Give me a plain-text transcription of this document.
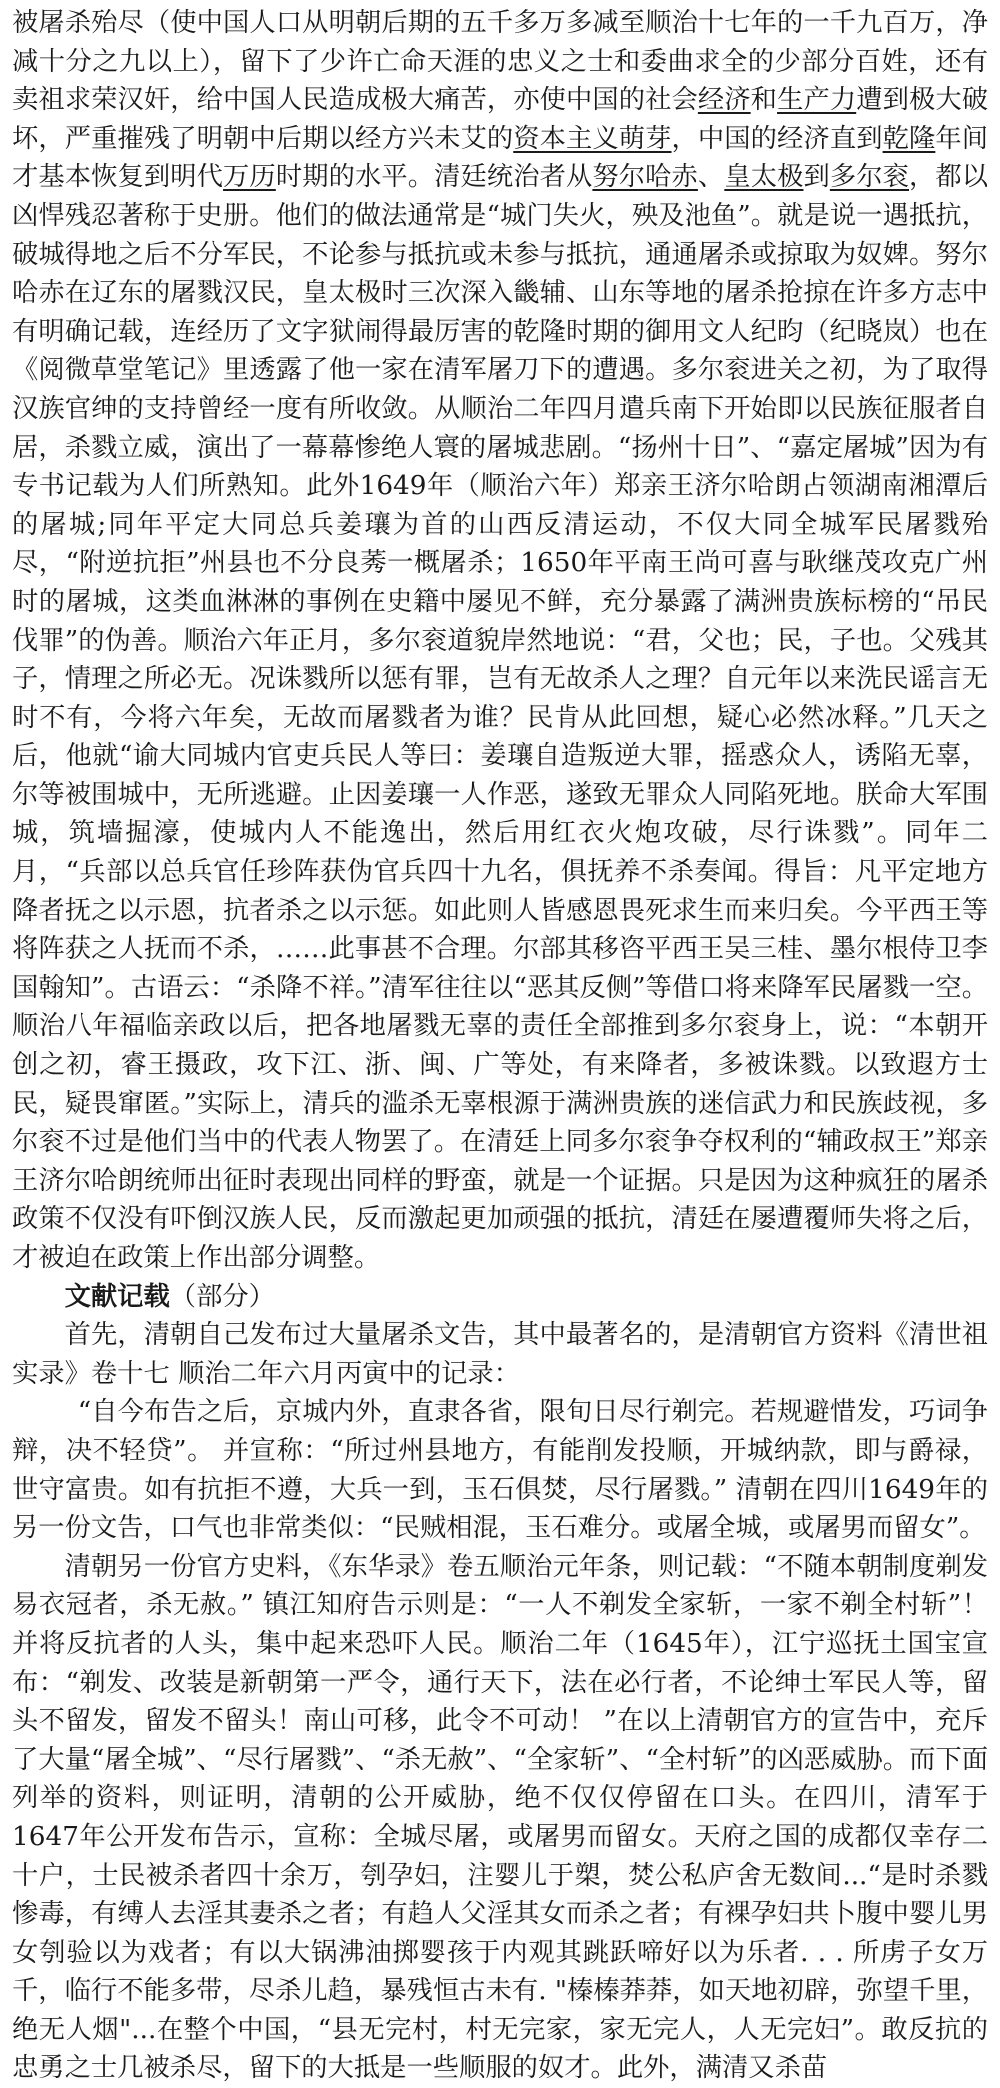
被屠杀殆尽（使中国人口从明朝后期的五千多万多减至顺治十七年的一千九百万，净减十分之九以上），留下了少许亡命天涯的忠义之士和委曲求全的少部分百姓，还有卖祖求荣汉奸，给中国人民造成极大痛苦，亦使中国的社会经济和生产力遭到极大破坏，严重摧残了明朝中后期以经方兴未艾的资本主义萌芽，中国的经济直到乾隆年间才基本恢复到明代万历时期的水平。清廷统治者从努尔哈赤、皇太极到多尔衮，都以凶悍残忍著称于史册。他们的做法通常是“城门失火，殃及池鱼”。就是说一遇抵抗，破城得地之后不分军民，不论参与抵抗或未参与抵抗，通通屠杀或掠取为奴婢。努尔哈赤在辽东的屠戮汉民，皇太极时三次深入畿辅、山东等地的屠杀抢掠在许多方志中有明确记载，连经历了文字狱闹得最厉害的乾隆时期的御用文人纪昀（纪晓岚）也在《阅微草堂笔记》里透露了他一家在清军屠刀下的遭遇。多尔衮进关之初，为了取得汉族官绅的支持曾经一度有所收敛。从顺治二年四月遣兵南下开始即以民族征服者自居，杀戮立威，演出了一幕幕惨绝人寰的屠城悲剧。“扬州十日”、“嘉定屠城”因为有专书记载为人们所熟知。此外1649年（顺治六年）郑亲王济尔哈朗占领湖南湘潭后的屠城;同年平定大同总兵姜瓖为首的山西反清运动，不仅大同全城军民屠戮殆尽，“附逆抗拒”州县也不分良莠一概屠杀；1650年平南王尚可喜与耿继茂攻克广州时的屠城，这类血淋淋的事例在史籍中屡见不鲜，充分暴露了满洲贵族标榜的“吊民伐罪”的伪善。顺治六年正月，多尔衮道貌岸然地说：“君，父也；民，子也。父残其子，情理之所必无。况诛戮所以惩有罪，岂有无故杀人之理？自元年以来洗民谣言无时不有，今将六年矣，无故而屠戮者为谁？民肯从此回想，疑心必然冰释。”几天之后，他就“谕大同城内官吏兵民人等曰：姜瓖自造叛逆大罪，摇惑众人，诱陷无辜，尔等被围城中，无所逃避。止因姜瓖一人作恶，遂致无罪众人同陷死地。朕命大军围城，筑墙掘濠，使城内人不能逸出，然后用红衣火炮攻破，尽行诛戮”。同年二月，“兵部以总兵官任珍阵获伪官兵四十九名，俱抚养不杀奏闻。得旨：凡平定地方降者抚之以示恩，抗者杀之以示惩。如此则人皆感恩畏死求生而来归矣。今平西王等将阵获之人抚而不杀，……此事甚不合理。尔部其移咨平西王吴三桂、墨尔根侍卫李国翰知”。古语云：“杀降不祥。”清军往往以“恶其反侧”等借口将来降军民屠戮一空。顺治八年福临亲政以后，把各地屠戮无辜的责任全部推到多尔衮身上，说：“本朝开创之初，睿王摄政，攻下江、浙、闽、广等处，有来降者，多被诛戮。以致遐方士民，疑畏窜匿。”实际上，清兵的滥杀无辜根源于满洲贵族的迷信武力和民族歧视，多尔衮不过是他们当中的代表人物罢了。在清廷上同多尔衮争夺权利的“辅政叔王”郑亲王济尔哈朗统师出征时表现出同样的野蛮，就是一个证据。只是因为这种疯狂的屠杀政策不仅没有吓倒汉族人民，反而激起更加顽强的抵抗，清廷在屡遭覆师失将之后，才被迫在政策上作出部分调整。

文献记载（部分）

首先，清朝自己发布过大量屠杀文告，其中最著名的，是清朝官方资料《清世祖实录》卷十七 顺治二年六月丙寅中的记录：

“自今布告之后，京城内外，直隶各省，限旬日尽行剃完。若规避惜发，巧词争辩，决不轻贷”。 并宣称：“所过州县地方，有能削发投顺，开城纳款，即与爵禄，世守富贵。如有抗拒不遵，大兵一到，玉石俱焚，尽行屠戮。” 清朝在四川1649年的另一份文告，口气也非常类似：“民贼相混，玉石难分。或屠全城，或屠男而留女”。

清朝另一份官方史料，《东华录》卷五顺治元年条，则记载：“不随本朝制度剃发易衣冠者，杀无赦。” 镇江知府告示则是：“一人不剃发全家斩，一家不剃全村斩”！ 并将反抗者的人头，集中起来恐吓人民。顺治二年（1645年），江宁巡抚土国宝宣布：“剃发、改装是新朝第一严令，通行天下，法在必行者，不论绅士军民人等，留头不留发，留发不留头！南山可移，此令不可动！ ”在以上清朝官方的宣告中，充斥了大量“屠全城”、“尽行屠戮”、“杀无赦”、“全家斩”、“全村斩”的凶恶威胁。而下面列举的资料，则证明，清朝的公开威胁，绝不仅仅停留在口头。在四川，清军于1647年公开发布告示，宣称：全城尽屠，或屠男而留女。天府之国的成都仅幸存二十户，士民被杀者四十余万，刳孕妇，注婴儿于槊，焚公私庐舍无数间...“是时杀戮惨毒，有缚人去淫其妻杀之者；有趋人父淫其女而杀之者；有裸孕妇共卜腹中婴儿男女刳验以为戏者；有以大锅沸油掷婴孩于内观其跳跃啼好以为乐者. . . 所虏子女万千，临行不能多带，尽杀儿趋，暴残恒古未有. "榛榛莽莽，如天地初辟，弥望千里，绝无人烟"...在整个中国，“县无完村，村无完家，家无完人，人无完妇”。敢反抗的忠勇之士几被杀尽，留下的大抵是一些顺服的奴才。此外，满清又杀苗
